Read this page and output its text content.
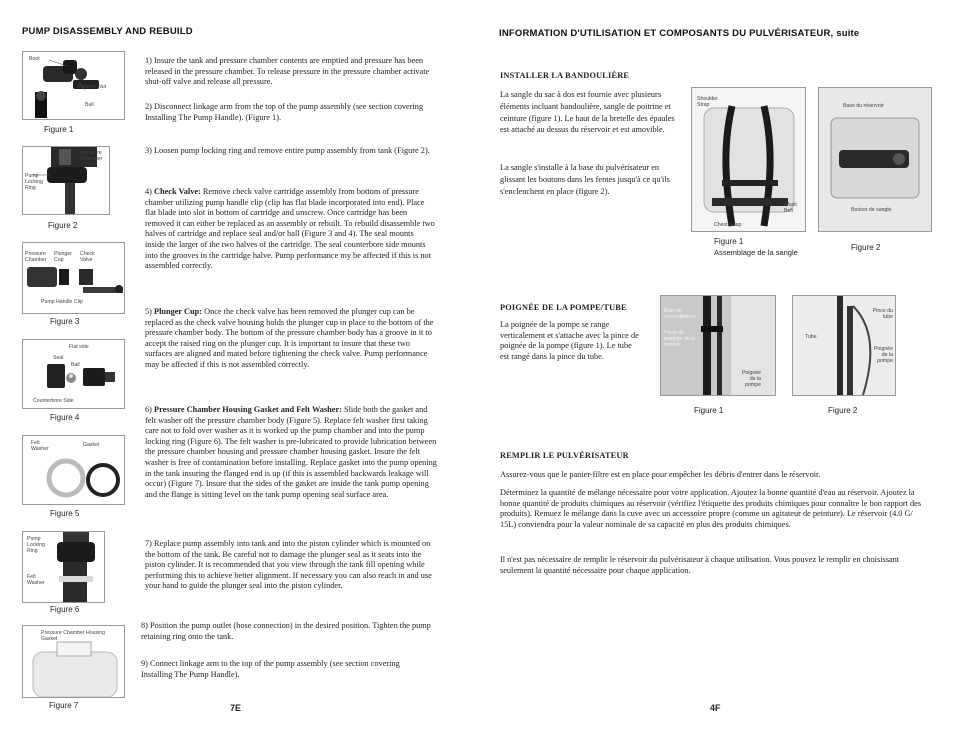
PUMP DISASSEMBLY AND REBUILD
Boot
Retainer Nut
Ball
Figure 1
Pressure Chamber
Pump Locking Ring
Figure 2
Pressure Chamber
Plunger Cup
Check Valve
Pump Handle Clip
Figure 3
Flat side
Seal
Ball
Counterbore Side
Figure 4
Felt Washer
Gasket
Figure 5
Pump Locking Ring
Felt Washer
Figure 6
Pressure Chamber Housing Gasket
Figure 7
1) Insure the tank and pressure chamber contents are emptied and pressure has been released in the pressure chamber. To release pressure in the pressure chamber activate shut-off valve and release all pressure.
2) Disconnect linkage arm from the top of the pump assembly (see section covering Installing The Pump Handle). (Figure 1).
3) Loosen pump locking ring and remove entire pump assembly from tank (Figure 2).
4) Check Valve: Remove check valve cartridge assembly from bottom of pressure chamber utilizing pump handle clip (clip has flat blade incorporated into end). Place flat blade into slot in bottom of cartridge and unscrew. Once cartridge has been removed it can either be replaced as an assembly or rebuilt. To rebuild disassemble two halves of cartridge and replace seal and/or ball (Figure 3 and 4). The seal mounts inside the larger of the two halves of the cartridge. The seal counterbore side mounts into the grooves in the cartridge halve. Pump performance my be affected if this is not assembled correctly.
5) Plunger Cup: Once the check valve has been removed the plunger cup can be replaced as the check valve housing holds the plunger cup in place to the bottom of the pressure chamber body. The bottom of the pressure chamber body has a groove in it to accept the raised ring on the plunger cup. It is important to insure that these two surfaces are aligned and mated before tightening the check valve. Pump performance may be affected if this is not assembled correctly.
6) Pressure Chamber Housing Gasket and Felt Washer: Slide both the gasket and felt washer off the pressure chamber body (Figure 5). Replace felt washer first taking care not to fold over washer as it is worked up the pump chamber and into the pump locking ring (Figure 6). The felt washer is pre-lubricated to provide lubrication between the pressure chamber housing and pressure chamber housing gasket. Insure the felt washer is free of contamination before installing. Replace gasket into the pump opening in the tank insuring the flanged end is up (if this is assembled backwards leakage will occur) (Figure 7). Insure that the sides of the gasket are inside the tank pump opening and the flange is sitting level on the tank pump opening seal surface area.
7) Replace pump assembly into tank and into the piston cylinder which is mounted on the bottom of the tank. Be careful not to damage the plunger seal as it seats into the piston cylinder. It is recommended that you view through the tank fill opening while performing this to achieve better alignment. If necessary you can also reach in and use your hand to guide the plunger seal into the piston cylinder.
8) Position the pump outlet (hose connection) in the desired position. Tighten the pump retaining ring onto the tank.
9) Connect linkage arm to the top of the pump assembly (see section covering Installing The Pump Handle).
7E
INFORMATION D'UTILISATION ET COMPOSANTS DU PULVÉRISATEUR, suite
INSTALLER LA BANDOULIÈRE
La sangle du sac à dos est fournie avec plusieurs éléments incluant bandoulière, sangle de poitrine et ceinture (figure 1). Le haut de la bretelle des épaules est attaché au dessus du réservoir et est amovible.
La sangle s'installe à la base du pulvérisateur en glissant les boutons dans les fentes jusqu'à ce qu'ils s'enclenchent en place (figure 2).
Shoulder Strap
Waist Belt
Chest Strap
Figure 1
Assemblage de la sangle
Base du réservoir
Bouton de sangle
Figure 2
POIGNÉE DE LA POMPE/TUBE
La poignée de la pompe se range verticalement et s'attache avec la pince de poignée de la pompe (figure 1). Le tube est rangé dans la pince du tube.
Bras de raccordement
Pince de poignée de la pompe
Poignée de la pompe
Figure 1
Pince du tube
Tube
Poignée de la pompe
Figure 2
REMPLIR LE PULVÉRISATEUR
Assurez-vous que le panier-filtre est en place pour empêcher les débris d'entrer dans le réservoir.
Déterminez la quantité de mélange nécessaire pour votre application. Ajoutez la bonne quantité d'eau au réservoir. Ajoutez la bonne quantité de produits chimiques au réservoir (vérifiez l'étiquette des produits chimiques pour connaître le bon rapport des produits). Remuez le mélange dans la cuve avec un accessoire propre (comme un agitateur de peinture). Le réservoir (4.0 G/ 15L) conviendra pour la valeur nominale de sa capacité en plus des produits chimiques.
Il n'est pas nécessaire de remplir le réservoir du pulvérisateur à chaque utilisation. Vous pouvez le remplir en choisissant seulement la quantité nécessaire pour chaque application.
4F
